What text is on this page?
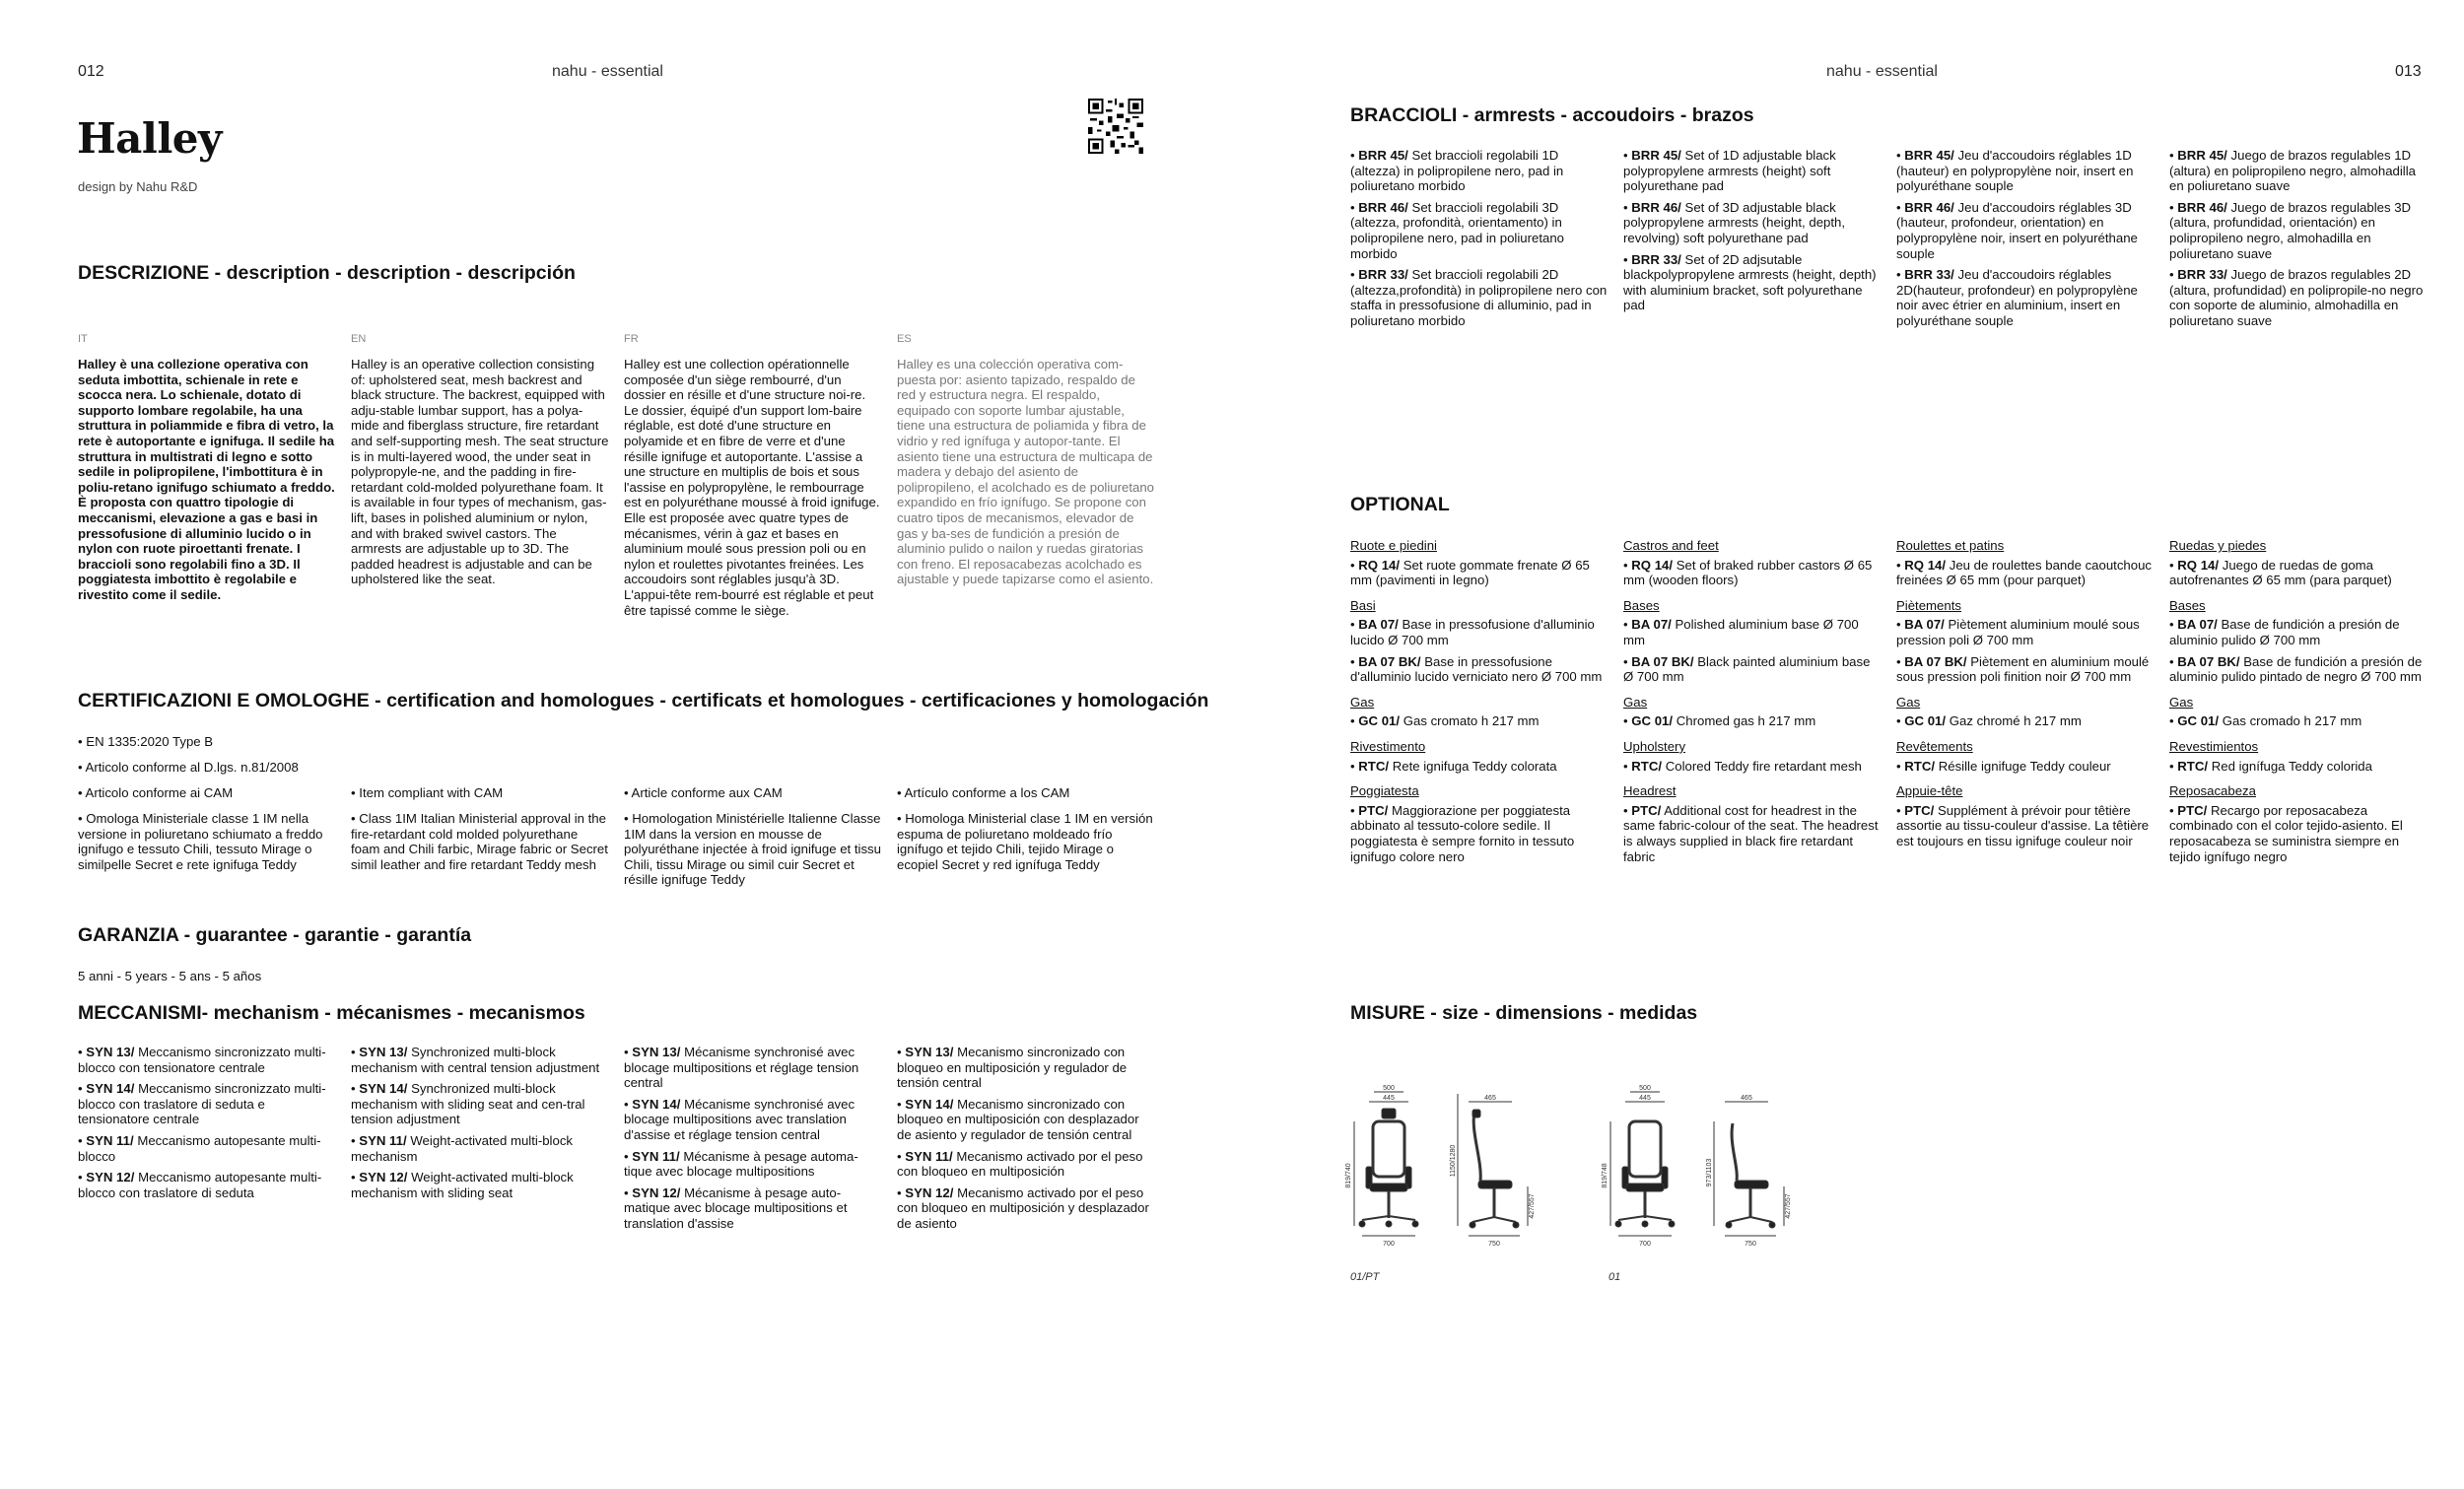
012	nahu - essential
Halley
design by Nahu R&D
DESCRIZIONE - description - description - descripción
IT	EN	FR	ES
Halley è una collezione operativa con seduta imbottita, schienale in rete e scocca nera. Lo schienale, dotato di supporto lombare regolabile, ha una struttura in poliammide e fibra di vetro, la rete è autoportante e ignifuga. Il sedile ha struttura in multistrati di legno e sotto sedile in polipropilene, l'imbottitura è in poliu-retano ignifugo schiumato a freddo. È proposta con quattro tipologie di meccanismi, elevazione a gas e basi in pressofusione di alluminio lucido o in nylon con ruote piroettanti frenate. I braccioli sono regolabili fino a 3D. Il poggiatesta imbottito è regolabile e rivestito come il sedile.
Halley is an operative collection consisting of: upholstered seat, mesh backrest and black structure. The backrest, equipped with adju-stable lumbar support, has a polya-mide and fiberglass structure, fire retardant and self-supporting mesh. The seat structure is in multi-layered wood, the under seat in polypropyle-ne, and the padding in fire-retardant cold-molded polyurethane foam. It is available in four types of mechanism, gas-lift, bases in polished aluminium or nylon, and with braked swivel castors. The armrests are adjustable up to 3D. The padded headrest is adjustable and can be upholstered like the seat.
Halley est une collection opérationnelle composée d'un siège rembourré, d'un dossier en résille et d'une structure noi-re. Le dossier, équipé d'un support lom-baire réglable, est doté d'une structure en polyamide et en fibre de verre et d'une résille ignifuge et autoportante. L'assise a une structure en multiplis de bois et sous l'assise en polypropylène, le rembourrage est en polyuréthane moussé à froid ignifuge. Elle est proposée avec quatre types de mécanismes, vérin à gaz et bases en aluminium moulé sous pression poli ou en nylon et roulettes pivotantes freinées. Les accoudoirs sont réglables jusqu'à 3D. L'appui-tête rem-bourré est réglable et peut être tapissé comme le siège.
Halley es una colección operativa com-puesta por: asiento tapizado, respaldo de red y estructura negra. El respaldo, equipado con soporte lumbar ajustable, tiene una estructura de poliamida y fibra de vidrio y red ignífuga y autopor-tante. El asiento tiene una estructura de multicapa de madera y debajo del asiento de polipropileno, el acolchado es de poliuretano expandido en frío ignífugo. Se propone con cuatro tipos de mecanismos, elevador de gas y ba-ses de fundición a presión de aluminio pulido o nailon y ruedas giratorias con freno. El reposacabezas acolchado es ajustable y puede tapizarse como el asiento.
CERTIFICAZIONI E OMOLOGHE - certification and homologues - certificats et homologues - certificaciones y homologación
• EN 1335:2020 Type B
• Articolo conforme al D.lgs. n.81/2008
• Articolo conforme ai CAM	• Item compliant with CAM	• Article conforme aux CAM	• Artículo conforme a los CAM
• Omologa Ministeriale classe 1 IM nella versione in poliuretano schiumato a freddo ignifugo e tessuto Chili, tessuto Mirage o similpelle Secret e rete ignifuga Teddy
• Class 1IM Italian Ministerial approval in the fire-retardant cold molded polyurethane foam and Chili farbic, Mirage fabric or Secret simil leather and fire retardant Teddy mesh
• Homologation Ministérielle Italienne Classe 1IM dans la version en mousse de polyuréthane injectée à froid ignifuge et tissu Chili, tissu Mirage ou simil cuir Secret et résille ignifuge Teddy
• Homologa Ministerial clase 1 IM en versión espuma de poliuretano moldeado frío ignífugo et tejido Chili, tejido Mirage o ecopiel Secret y red ignífuga Teddy
GARANZIA - guarantee - garantie - garantía
5 anni - 5 years - 5 ans - 5 años
MECCANISMI- mechanism - mécanismes - mecanismos
• SYN 13/ Meccanismo sincronizzato multi-blocco con tensionatore centrale
• SYN 14/ Meccanismo sincronizzato multi-blocco con traslatore di seduta e tensionatore centrale
• SYN 11/ Meccanismo autopesante multi-blocco
• SYN 12/ Meccanismo autopesante multi-blocco con traslatore di seduta
• SYN 13/ Synchronized multi-block mechanism with central tension adjustment
• SYN 14/ Synchronized multi-block mechanism with sliding seat and cen-tral tension adjustment
• SYN 11/ Weight-activated multi-block mechanism
• SYN 12/ Weight-activated multi-block mechanism with sliding seat
• SYN 13/ Mécanisme synchronisé avec blocage multipositions et réglage tension central
• SYN 14/ Mécanisme synchronisé avec blocage multipositions avec translation d'assise et réglage tension central
• SYN 11/ Mécanisme à pesage automa-tique avec blocage multipositions
• SYN 12/ Mécanisme à pesage auto-matique avec blocage multipositions et translation d'assise
• SYN 13/ Mecanismo sincronizado con bloqueo en multiposición y regulador de tensión central
• SYN 14/ Mecanismo sincronizado con bloqueo en multiposición con desplazador de asiento y regulador de tensión central
• SYN 11/ Mecanismo activado por el peso con bloqueo en multiposición
• SYN 12/ Mecanismo activado por el peso con bloqueo en multiposición y desplazador de asiento
nahu - essential	013
BRACCIOLI - armrests - accoudoirs - brazos
• BRR 45/ Set braccioli regolabili 1D (altezza) in polipropilene nero, pad in poliuretano morbido
• BRR 46/ Set braccioli regolabili 3D (altezza, profondità, orientamento) in polipropilene nero, pad in poliuretano morbido
• BRR 33/ Set braccioli regolabili 2D (altezza,profondità) in polipropilene nero con staffa in pressofusione di alluminio, pad in poliuretano morbido
• BRR 45/ Set of 1D adjustable black polypropylene armrests (height) soft polyurethane pad
• BRR 46/ Set of 3D adjustable black polypropylene armrests (height, depth, revolving) soft polyurethane pad
• BRR 33/ Set of 2D adjsutable blackpolypropylene armrests (height, depth) with aluminium bracket, soft polyurethane pad
• BRR 45/ Jeu d'accoudoirs réglables 1D (hauteur) en polypropylène noir, insert en polyuréthane souple
• BRR 46/ Jeu d'accoudoirs réglables 3D (hauteur, profondeur, orientation) en polypropylène noir, insert en polyuréthane souple
• BRR 33/ Jeu d'accoudoirs réglables 2D(hauteur, profondeur) en polypropylène noir avec étrier en aluminium, insert en polyuréthane souple
• BRR 45/ Juego de brazos regulables 1D (altura) en polipropileno negro, almohadilla en poliuretano suave
• BRR 46/ Juego de brazos regulables 3D (altura, profundidad, orientación) en polipropileno negro, almohadilla en poliuretano suave
• BRR 33/ Juego de brazos regulables 2D (altura, profundidad) en polipropile-no negro con soporte de aluminio, almohadilla en poliuretano suave
OPTIONAL
Ruote e piedini
• RQ 14/ Set ruote gommate frenate Ø 65 mm (pavimenti in legno)
Basi
• BA 07/ Base in pressofusione d'alluminio lucido Ø 700 mm
• BA 07 BK/ Base in pressofusione d'alluminio lucido verniciato nero Ø 700 mm
Gas
• GC 01/ Gas cromato h 217 mm
Rivestimento
• RTC/ Rete ignifuga Teddy colorata
Poggiatesta
• PTC/ Maggiorazione per poggiatesta abbinato al tessuto-colore sedile. Il poggiatesta è sempre fornito in tessuto ignifugo colore nero
Castros and feet
• RQ 14/ Set of braked rubber castors Ø 65 mm (wooden floors)
Bases
• BA 07/ Polished aluminium base Ø 700 mm
• BA 07 BK/ Black painted aluminium base Ø 700 mm
Gas
• GC 01/ Chromed gas h 217 mm
Upholstery
• RTC/ Colored Teddy fire retardant mesh
Headrest
• PTC/ Additional cost for headrest in the same fabric-colour of the seat. The headrest is always supplied in black fire retardant fabric
Roulettes et patins
• RQ 14/ Jeu de roulettes bande caoutchouc freinées Ø 65 mm (pour parquet)
Piètements
• BA 07/ Piètement aluminium moulé sous pression poli Ø 700 mm
• BA 07 BK/ Piètement en aluminium moulé sous pression poli finition noir Ø 700 mm
Gas
• GC 01/ Gaz chromé h 217 mm
Revêtements
• RTC/ Résille ignifuge Teddy couleur
Appuie-tête
• PTC/ Supplément à prévoir pour têtière assortie au tissu-couleur d'assise. La têtière est toujours en tissu ignifuge couleur noir
Ruedas y piedes
• RQ 14/ Juego de ruedas de goma autofrenantes Ø 65 mm (para parquet)
Bases
• BA 07/ Base de fundición a presión de aluminio pulido Ø 700 mm
• BA 07 BK/ Base de fundición a presión de aluminio pulido pintado de negro Ø 700 mm
Gas
• GC 01/ Gas cromado h 217 mm
Revestimientos
• RTC/ Red ignífuga Teddy colorida
Reposacabeza
• PTC/ Recargo por reposacabeza combinado con el color tejido-asiento. El reposacabeza se suministra siempre en tejido ignífugo negro
MISURE - size - dimensions - medidas
500
445
819/740
700
465
1150/1280
427/557
750
500
445
819/748
700
465
973/1103
427/557
750
01/PT	01
